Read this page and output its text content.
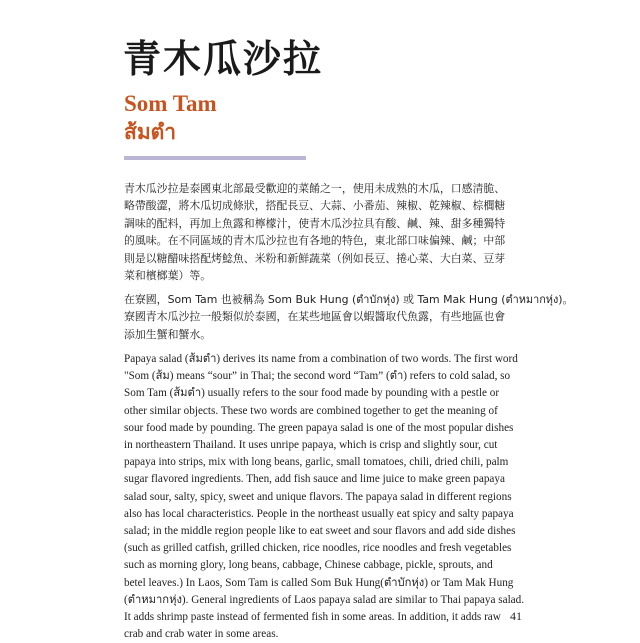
青木瓜沙拉
Som Tam
ส้มตำ
青木瓜沙拉是泰國東北部最受歡迎的菜餚之一，使用未成熟的木瓜，口感清脆、
略帶酸澀，將木瓜切成條狀，搭配長豆、大蒜、小番茄、辣椒、乾辣椒、棕櫚糖
調味的配料，再加上魚露和檸檬汁，使青木瓜沙拉具有酸、鹹、辣、甜多種獨特
的風味。在不同區域的青木瓜沙拉也有各地的特色，東北部口味偏辣、鹹；中部
則是以糖醋味搭配烤鯰魚、米粉和新鮮蔬菜（例如長豆、捲心菜、大白菜、豆芽
菜和檳榔葉）等。
在寮國，Som Tam 也被稱為 Som Buk Hung (ตำบักหุ่ง) 或 Tam Mak Hung (ตำหมากหุ่ง)。
寮國青木瓜沙拉一般類似於泰國，在某些地區會以蝦醬取代魚露，有些地區也會
添加生蟹和蟹水。
Papaya salad (ส้มตำ) derives its name from a combination of two words. The first word
"Som (ส้ม) means “sour” in Thai; the second word “Tam” (ตำ) refers to cold salad, so
Som Tam (ส้มตำ) usually refers to the sour food made by pounding with a pestle or
other similar objects. These two words are combined together to get the meaning of
sour food made by pounding. The green papaya salad is one of the most popular dishes
in northeastern Thailand. It uses unripe papaya, which is crisp and slightly sour, cut
papaya into strips, mix with long beans, garlic, small tomatoes, chili, dried chili, palm
sugar flavored ingredients. Then, add fish sauce and lime juice to make green papaya
salad sour, salty, spicy, sweet and unique flavors. The papaya salad in different regions
also has local characteristics. People in the northeast usually eat spicy and salty papaya
salad; in the middle region people like to eat sweet and sour flavors and add side dishes
(such as grilled catfish, grilled chicken, rice noodles, rice noodles and fresh vegetables
such as morning glory, long beans, cabbage, Chinese cabbage, pickle, sprouts, and
betel leaves.) In Laos, Som Tam is called Som Buk Hung(ตำบักหุ่ง) or Tam Mak Hung
(ตำหมากหุ่ง). General ingredients of Laos papaya salad are similar to Thai papaya salad.
It adds shrimp paste instead of fermented fish in some areas. In addition, it adds raw
crab and crab water in some areas.
41
